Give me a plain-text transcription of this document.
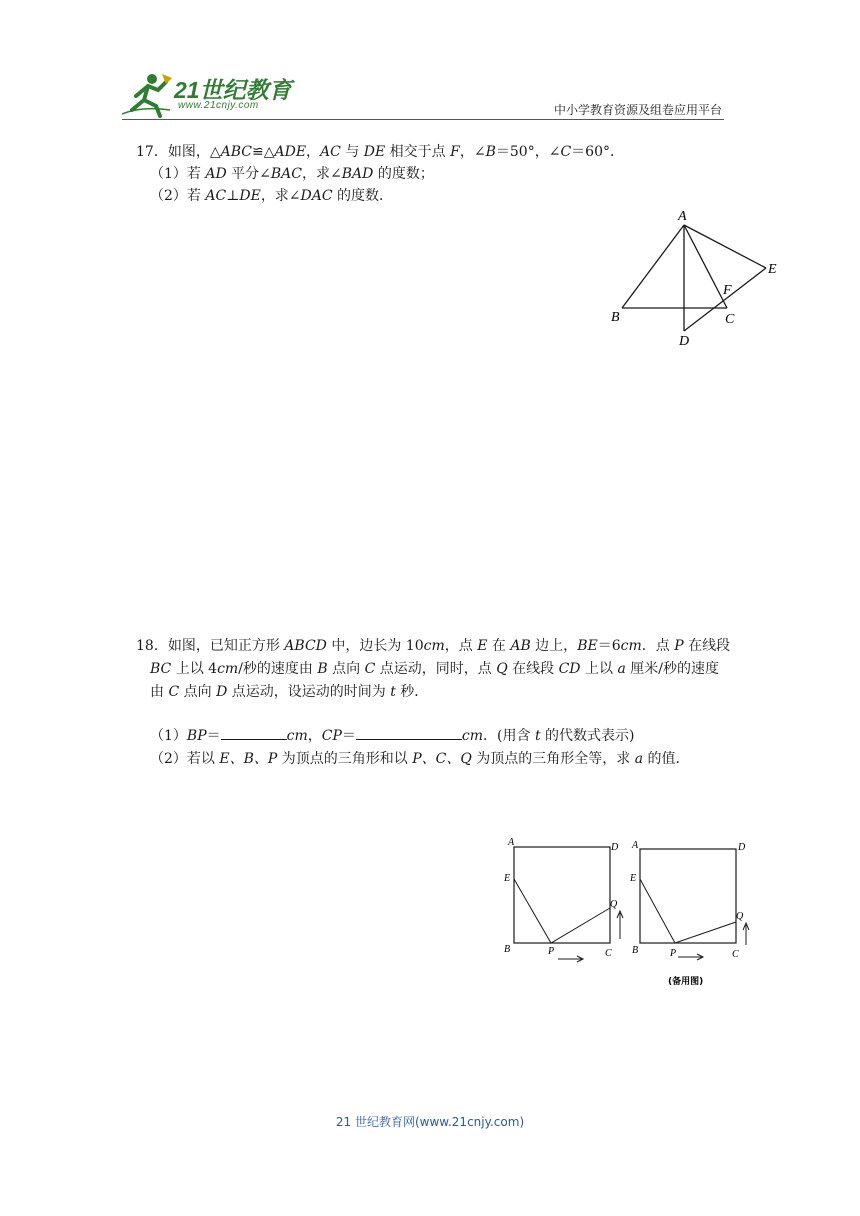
21世纪教育
www.21cnjy.com	中小学教育资源及组卷应用平台
17．如图，△ABC≌△ADE，AC 与 DE 相交于点 F，∠B＝50°，∠C＝60°．
（1）若 AD 平分∠BAC，求∠BAD 的度数；
（2）若 AC⊥DE，求∠DAC 的度数．
A
B	C
D
E
F
18．如图，已知正方形 ABCD 中，边长为 10cm，点 E 在 AB 边上，BE＝6cm．点 P 在线段
BC 上以 4cm/秒的速度由 B 点向 C 点运动，同时，点 Q 在线段 CD 上以 a 厘米/秒的速度
由 C 点向 D 点运动，设运动的时间为 t 秒．
（1）BP＝	cm，CP＝	cm．(用含 t 的代数式表示)
（2）若以 E、B、P 为顶点的三角形和以 P、C、Q 为顶点的三角形全等，求 a 的值．
A	D
E
B	P	C
Q
A	D
E
B	P	C
Q
(备用图)
21 世纪教育网(www.21cnjy.com)
